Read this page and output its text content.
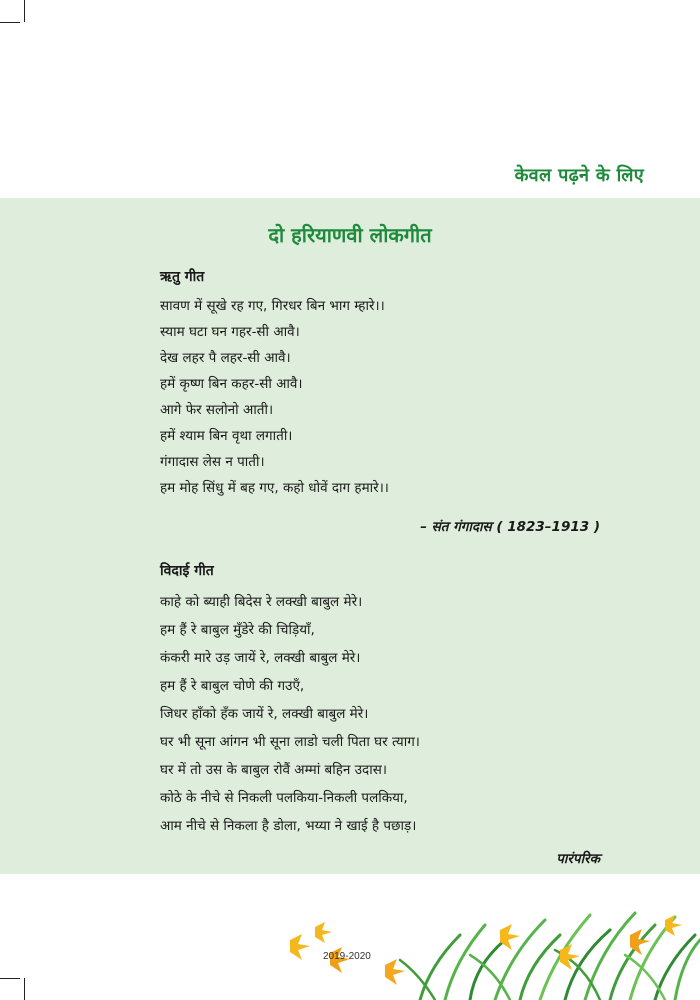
केवल पढ़ने के लिए
दो हरियाणवी लोकगीत
ऋतु गीत
सावण में सूखे रह गए, गिरधर बिन भाग म्हारे।।
स्याम घटा घन गहर-सी आवै।
देख लहर पै लहर-सी आवै।
हमें कृष्ण बिन कहर-सी आवै।
आगे फेर सलोनो आती।
हमें श्याम बिन वृथा लगाती।
गंगादास लेस न पाती।
हम मोह सिंधु में बह गए, कहो धोवें दाग हमारे।।
– संत गंगादास ( 1823–1913 )
विदाई गीत
काहे को ब्याही बिदेस रे लक्खी बाबुल मेरे।
हम हैं रे बाबुल मुँडेरे की चिड़ियाँ,
कंकरी मारे उड़ जायें रे, लक्खी बाबुल मेरे।
हम हैं रे बाबुल चोणे की गउएँ,
जिधर हाँको हँक जायें रे, लक्खी बाबुल मेरे।
घर भी सूना आंगन भी सूना लाडो चली पिता घर त्याग।
घर में तो उस के बाबुल रोवैं अम्मां बहिन उदास।
कोठे के नीचे से निकली पलकिया-निकली पलकिया,
आम नीचे से निकला है डोला, भय्या ने खाई है पछाड़।
पारंपरिक
2019-2020
